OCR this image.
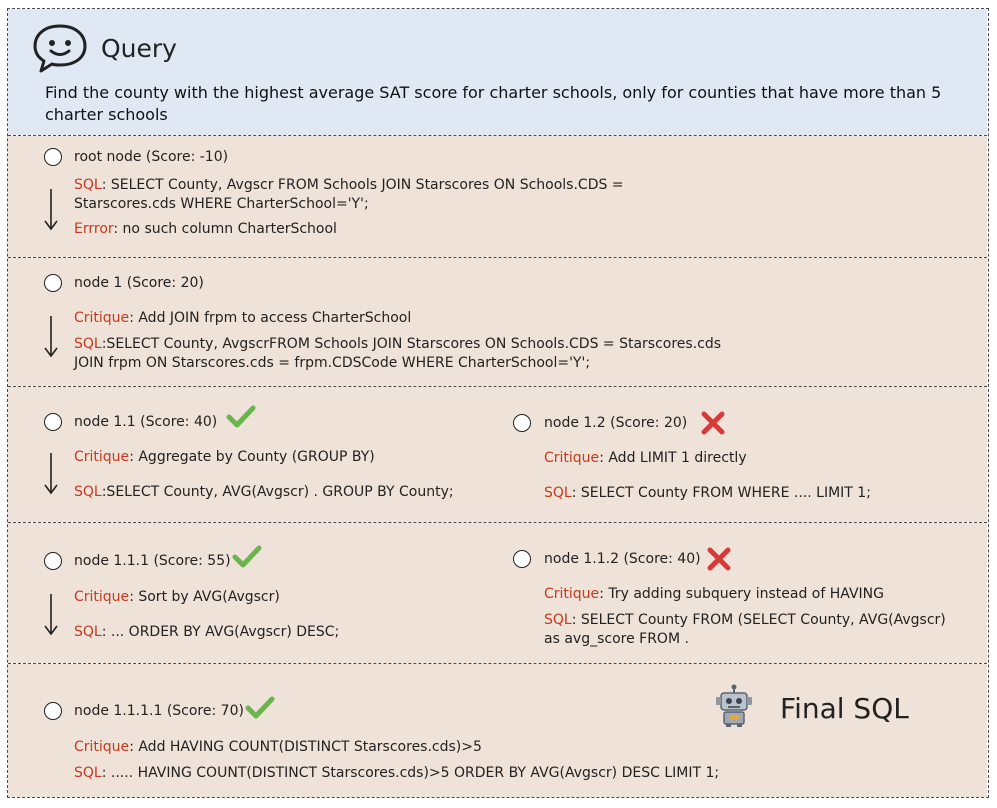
Query
Find the county with the highest average SAT score for charter schools, only for counties that have more than 5 charter schools
root node (Score: -10)
SQL: SELECT County, Avgscr FROM Schools JOIN Starscores ON Schools.CDS = Starscores.cds WHERE CharterSchool='Y';
Errror: no such column CharterSchool
node 1 (Score: 20)
Critique: Add JOIN frpm to access CharterSchool
SQL:SELECT County, AvgscrFROM Schools JOIN Starscores ON Schools.CDS = Starscores.cds JOIN frpm ON Starscores.cds = frpm.CDSCode WHERE CharterSchool='Y';
node 1.1 (Score: 40)
Critique: Aggregate by County (GROUP BY)
SQL:SELECT County, AVG(Avgscr) . GROUP BY County;
node 1.2 (Score: 20)
Critique: Add LIMIT 1 directly
SQL: SELECT County FROM WHERE .... LIMIT 1;
node 1.1.1 (Score: 55)
Critique: Sort by AVG(Avgscr)
SQL: ... ORDER BY AVG(Avgscr) DESC;
node 1.1.2 (Score: 40)
Critique: Try adding subquery instead of HAVING
SQL: SELECT County FROM (SELECT County, AVG(Avgscr) as avg_score FROM .
node 1.1.1.1 (Score: 70)
Critique: Add HAVING COUNT(DISTINCT Starscores.cds)>5
SQL: ..... HAVING COUNT(DISTINCT Starscores.cds)>5 ORDER BY AVG(Avgscr) DESC LIMIT 1;
Final SQL
